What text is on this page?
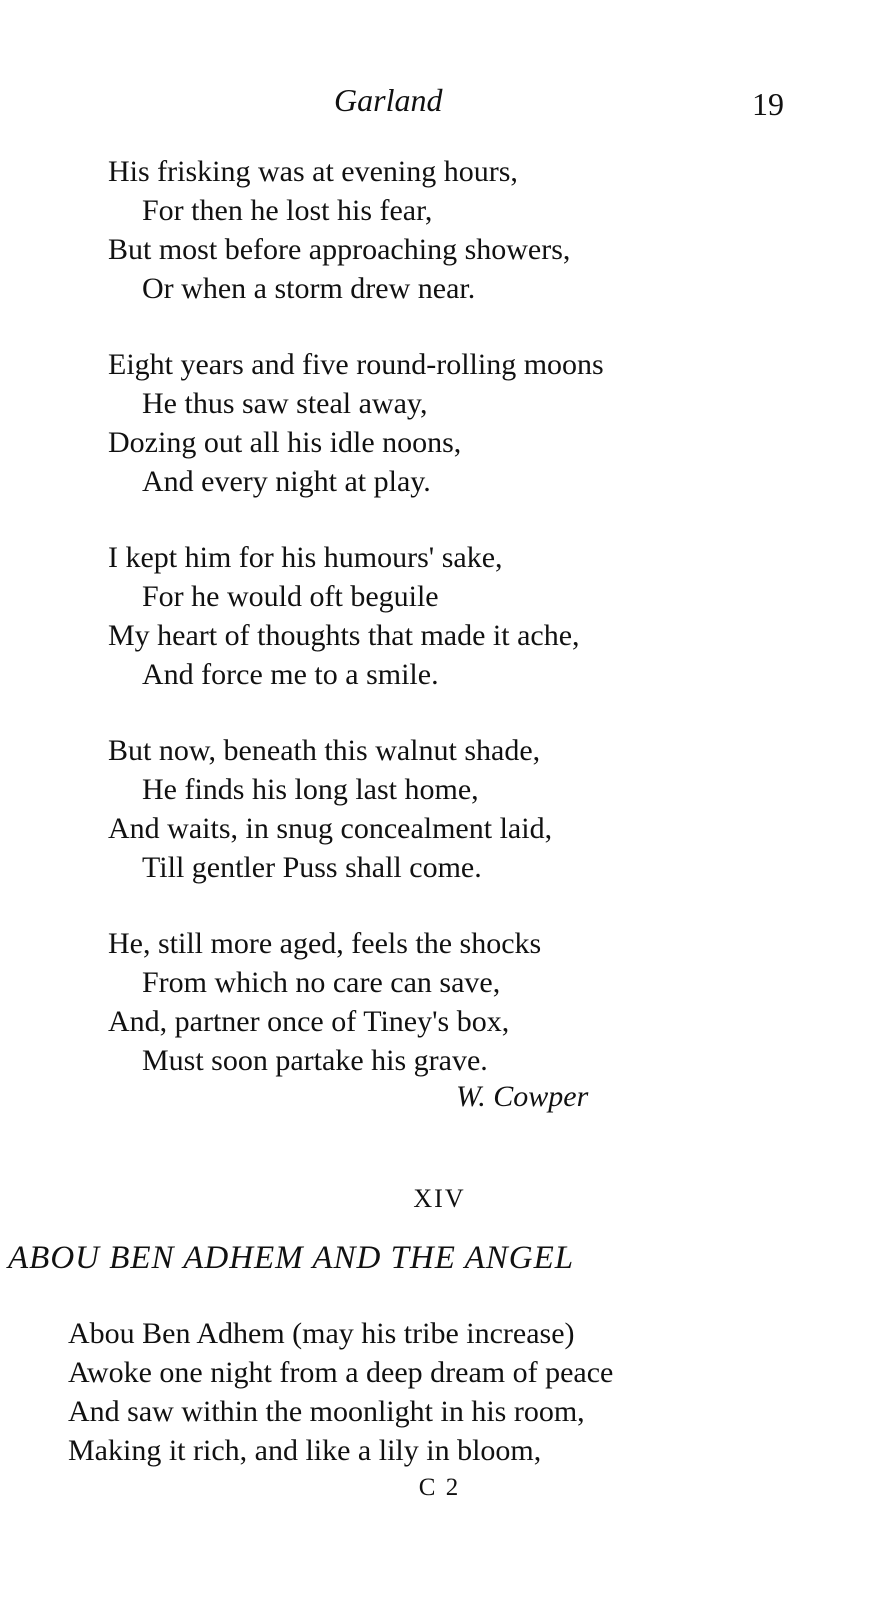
Garland	19
His frisking was at evening hours,
For then he lost his fear,
But most before approaching showers,
Or when a storm drew near.
Eight years and five round-rolling moons
He thus saw steal away,
Dozing out all his idle noons,
And every night at play.
I kept him for his humours' sake,
For he would oft beguile
My heart of thoughts that made it ache,
And force me to a smile.
But now, beneath this walnut shade,
He finds his long last home,
And waits, in snug concealment laid,
Till gentler Puss shall come.
He, still more aged, feels the shocks
From which no care can save,
And, partner once of Tiney's box,
Must soon partake his grave.
W. Cowper
XIV
ABOU BEN ADHEM AND THE ANGEL
Abou Ben Adhem (may his tribe increase)
Awoke one night from a deep dream of peace
And saw within the moonlight in his room,
Making it rich, and like a lily in bloom,
C 2
